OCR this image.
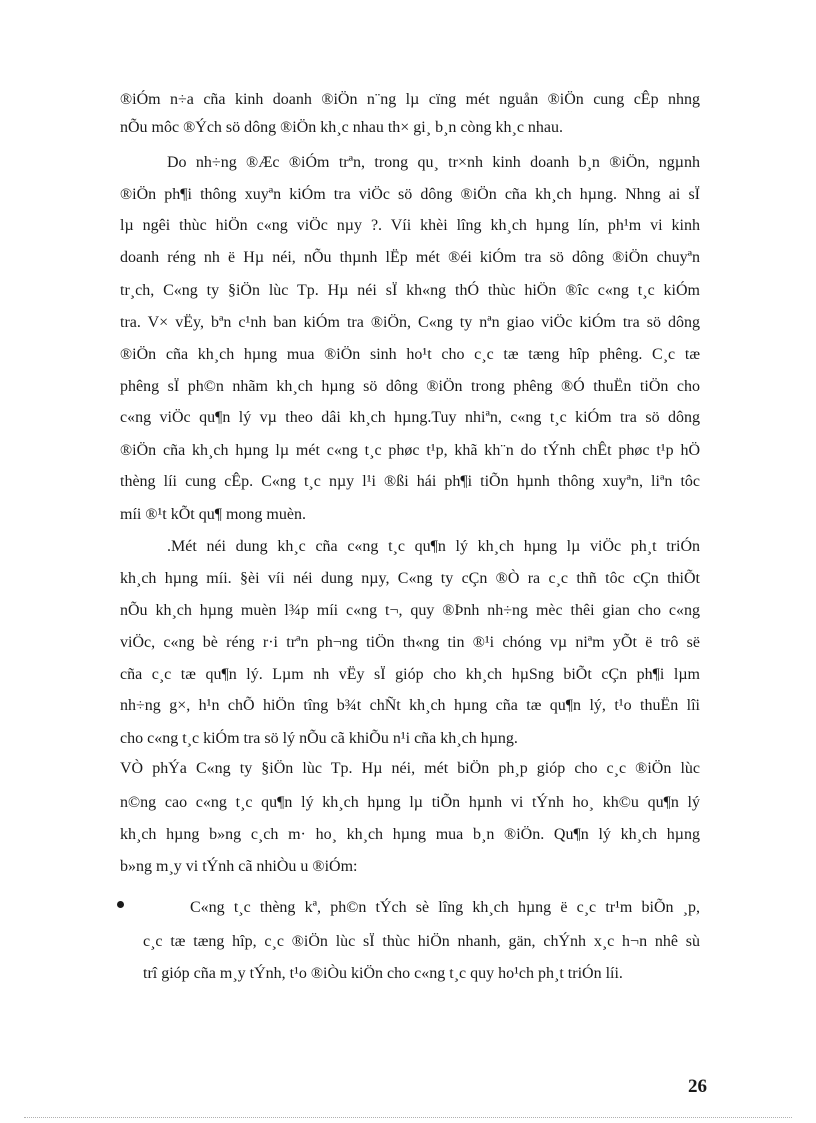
®iÓm n÷a cña kinh doanh ®iÖn n¨ng lµ cïng mét nguån ®iÖn cung cÊp nhng
nÕu môc ®Ých sö dông ®iÖn kh¸c nhau th× gi¸ b¸n còng kh¸c nhau.
Do nh÷ng ®Æc ®iÓm trªn, trong qu¸ tr×nh kinh doanh b¸n ®iÖn, ngµnh
®iÖn ph¶i thông xuyªn kiÓm tra viÖc sö dông ®iÖn cña kh¸ch hµng. Nhng ai sÏ
lµ ngêi thùc hiÖn c«ng viÖc nµy ?. Víi khèi lîng kh¸ch hµng lín, ph¹m vi kinh
doanh réng nh ë Hµ néi, nÕu thµnh lËp mét ®éi kiÓm tra sö dông ®iÖn chuyªn
tr¸ch, C«ng ty §iÖn lùc Tp. Hµ néi sÏ kh«ng thÓ thùc hiÖn ®îc c«ng t¸c kiÓm
tra. V× vËy, bªn c¹nh ban kiÓm tra ®iÖn, C«ng ty nªn giao viÖc kiÓm tra sö dông
®iÖn cña kh¸ch hµng mua ®iÖn sinh ho¹t cho c¸c tæ tæng hîp phêng. C¸c tæ
phêng sÏ ph©n nhãm kh¸ch hµng sö dông ®iÖn trong phêng ®Ó thuËn tiÖn cho
c«ng viÖc qu¶n lý vµ theo dâi kh¸ch hµng.Tuy nhiªn, c«ng t¸c kiÓm tra sö dông
®iÖn cña kh¸ch hµng lµ mét c«ng t¸c phøc t¹p, khã kh¨n do tÝnh chÊt phøc t¹p hÖ
thèng líi cung cÊp. C«ng t¸c nµy l¹i ®ßi hái ph¶i tiÕn hµnh thông xuyªn, liªn tôc
míi ®¹t kÕt qu¶ mong muèn.
.Mét néi dung kh¸c cña c«ng t¸c qu¶n lý kh¸ch hµng lµ viÖc ph¸t triÓn
kh¸ch hµng míi. §èi víi néi dung nµy, C«ng ty cÇn ®Ò ra c¸c thñ tôc cÇn thiÕt
nÕu kh¸ch hµng muèn l¾p míi c«ng t¬, quy ®Þnh nh÷ng mèc thêi gian cho c«ng
viÖc, c«ng bè réng r·i trªn ph¬ng tiÖn th«ng tin ®¹i chóng vµ niªm yÕt ë trô së
cña c¸c tæ qu¶n lý. Lµm nh vËy sÏ gióp cho kh¸ch hµSng biÕt cÇn ph¶i lµm
nh÷ng g×, h¹n chÕ hiÖn tîng b¾t chÑt kh¸ch hµng cña tæ qu¶n lý, t¹o thuËn lîi
cho c«ng t¸c kiÓm tra sö lý nÕu cã khiÕu n¹i cña kh¸ch hµng.
VÒ phÝa C«ng ty §iÖn lùc Tp. Hµ néi, mét biÖn ph¸p gióp cho c¸c ®iÖn lùc
n©ng cao c«ng t¸c qu¶n lý kh¸ch hµng lµ tiÕn hµnh vi tÝnh ho¸ kh©u qu¶n lý
kh¸ch hµng b»ng c¸ch m· ho¸ kh¸ch hµng mua b¸n ®iÖn. Qu¶n lý kh¸ch hµng
b»ng m¸y vi tÝnh cã nhiÒu u ®iÓm:
C«ng t¸c thèng kª, ph©n tÝch sè lîng kh¸ch hµng ë c¸c tr¹m biÕn ¸p,
c¸c tæ tæng hîp, c¸c ®iÖn lùc sÏ thùc hiÖn nhanh, gän, chÝnh x¸c h¬n nhê sù
trî gióp cña m¸y tÝnh, t¹o ®iÒu kiÖn cho c«ng t¸c quy ho¹ch ph¸t triÓn líi.
26
